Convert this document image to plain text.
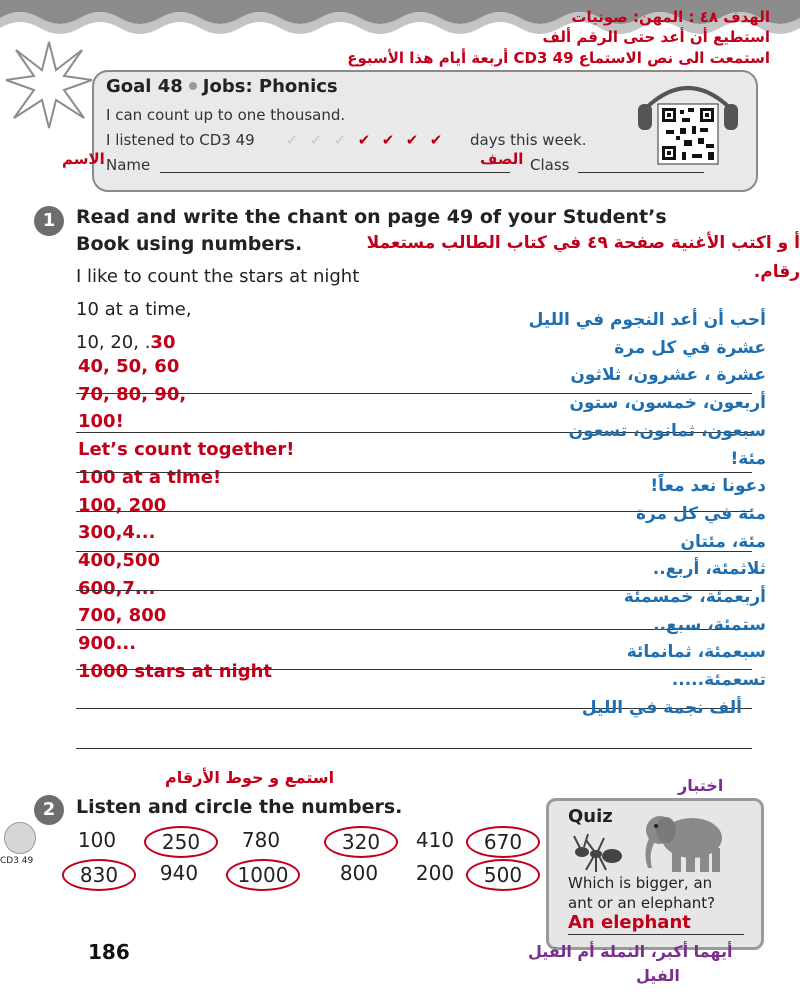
الهدف ٤٨ : المهن: صوتيات
استطيع أن أعد حتى الرقم ألف
استمعت الى نص الاستماع CD3 49 أربعة أيام هذا الأسبوع
Goal 48 Jobs: Phonics
I can count up to one thousand.
I listened to CD3 49 ✓ ✓ ✓ ✔ ✔ ✔ ✔ days this week.
Name
الاسم	الصف Class
1	Read and write the chant on page 49 of your Student’s
Book using numbers.	أ و اكتب الأغنية صفحة ٤٩ في كتاب الطالب مستعملا
رقام.
I like to count the stars at night
10 at a time,
10, 20, .30
40, 50, 60
70, 80, 90,
100!
Let’s count together!
100 at a time!
100, 200
300,4...
400,500
600,7...
700, 800
900...
1000 stars at night
أحب أن أعد النجوم في الليل
عشرة في كل مرة
عشرة ، عشرون، ثلاثون
أربعون، خمسون، ستون
سبعون، ثمانون، تسعون
مئة!
دعونا نعد معاً!
مئة في كل مرة
مئة، مئتان
ثلاثمئة، أربع..
أربعمئة، خمسمئة
ستمئة، سبع..
سبعمئة، ثمانمائة
تسعمئة.....
ألف نجمة في الليل
استمع و حوط الأرقام
2	Listen and circle the numbers.
CD3 49
100	250	780	320	410	670
830	940	1000	800	200	500
اختبار
Quiz
Which is bigger, an
ant or an elephant?
An elephant
أيهما أكبر، النملة أم الفيل
الفيل
186
